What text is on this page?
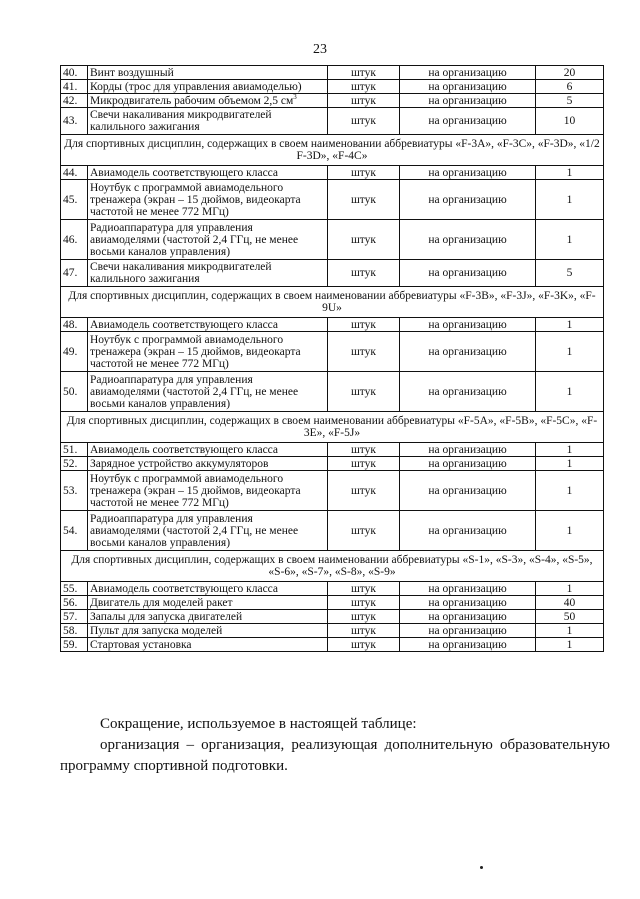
23
40.	Винт воздушный	штук	на организацию	20
41.	Корды (трос для управления авиамоделью)	штук	на организацию	6
42.	Микродвигатель рабочим объемом 2,5 $см^3$	штук	на организацию	5
43.	Свечи накаливания микродвигателей калильного зажигания	штук	на организацию	10
Для спортивных дисциплин, содержащих в своем наименовании аббревиатуры «F-3A», «F-3C», «F-3D», «1/2 F-3D», «F-4C»				
44.	Авиамодель соответствующего класса	штук	на организацию	1
45.	Ноутбук с программой авиамодельного тренажера (экран – 15 дюймов, видеокарта частотой не менее 772 МГц)	штук	на организацию	1
46.	Радиоаппаратура для управления авиамоделями (частотой 2,4 ГГц, не менее восьми каналов управления)	штук	на организацию	1
47.	Свечи накаливания микродвигателей калильного зажигания	штук	на организацию	5
Для спортивных дисциплин, содержащих в своем наименовании аббревиатуры «F-3B», «F-3J», «F-3K», «F-9U»				
48.	Авиамодель соответствующего класса	штук	на организацию	1
49.	Ноутбук с программой авиамодельного тренажера (экран – 15 дюймов, видеокарта частотой не менее 772 МГц)	штук	на организацию	1
50.	Радиоаппаратура для управления авиамоделями (частотой 2,4 ГГц, не менее восьми каналов управления)	штук	на организацию	1
Для спортивных дисциплин, содержащих в своем наименовании аббревиатуры «F-5A», «F-5B», «F-5C», «F-3E», «F-5J»				
51.	Авиамодель соответствующего класса	штук	на организацию	1
52.	Зарядное устройство аккумуляторов	штук	на организацию	1
53.	Ноутбук с программой авиамодельного тренажера (экран – 15 дюймов, видеокарта частотой не менее 772 МГц)	штук	на организацию	1
54.	Радиоаппаратура для управления авиамоделями (частотой 2,4 ГГц, не менее восьми каналов управления)	штук	на организацию	1
Для спортивных дисциплин, содержащих в своем наименовании аббревиатуры «S-1», «S-3», «S-4», «S-5», «S-6», «S-7», «S-8», «S-9»				
55.	Авиамодель соответствующего класса	штук	на организацию	1
56.	Двигатель для моделей ракет	штук	на организацию	40
57.	Запалы для запуска двигателей	штук	на организацию	50
58.	Пульт для запуска моделей	штук	на организацию	1
59.	Стартовая установка	штук	на организацию	1

Сокращение, используемое в настоящей таблице:

организация – организация, реализующая дополнительную образовательную программу спортивной подготовки.
